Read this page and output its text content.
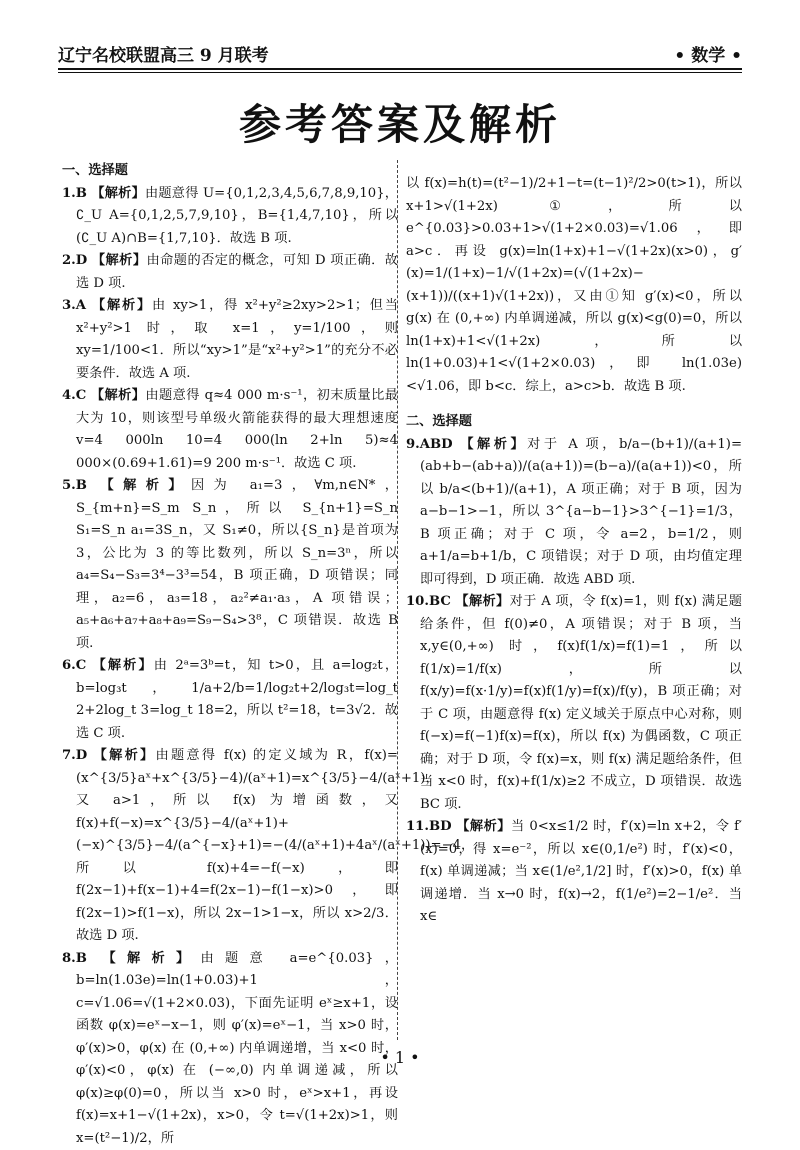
辽宁名校联盟高三 9 月联考	• 数学 •
参考答案及解析

一、选择题

1.B 【解析】由题意得 U={0,1,2,3,4,5,6,7,8,9,10}，∁_U A={0,1,2,5,7,9,10}，B={1,4,7,10}，所以 (∁_U A)∩B={1,7,10}．故选 B 项.

2.D 【解析】由命题的否定的概念，可知 D 项正确．故选 D 项.

3.A 【解析】由 xy>1，得 x²+y²≥2xy>2>1；但当 x²+y²>1 时，取 x=1，y=1/100，则 xy=1/100<1．所以“xy>1”是“x²+y²>1”的充分不必要条件．故选 A 项.

4.C 【解析】由题意得 q≈4 000 m·s⁻¹，初末质量比最大为 10，则该型号单级火箭能获得的最大理想速度 v=4 000ln 10=4 000(ln 2+ln 5)≈4 000×(0.69+1.61)=9 200 m·s⁻¹．故选 C 项.

5.B 【解析】因为 a₁=3，∀m,n∈N*，S_{m+n}=S_m S_n，所以 S_{n+1}=S_n S₁=S_n a₁=3S_n，又 S₁≠0，所以{S_n}是首项为 3，公比为 3 的等比数列，所以 S_n=3ⁿ，所以 a₄=S₄−S₃=3⁴−3³=54，B 项正确，D 项错误；同理，a₂=6，a₃=18，a₂²≠a₁·a₃，A 项错误；a₅+a₆+a₇+a₈+a₉=S₉−S₄>3⁸，C 项错误．故选 B 项.

6.C 【解析】由 2ᵃ=3ᵇ=t，知 t>0，且 a=log₂t，b=log₃t，1/a+2/b=1/log₂t+2/log₃t=log_t 2+2log_t 3=log_t 18=2，所以 t²=18，t=3√2．故选 C 项.

7.D 【解析】由题意得 f(x) 的定义域为 R，f(x)=(x^{3/5}aˣ+x^{3/5}−4)/(aˣ+1)=x^{3/5}−4/(aˣ+1)，又 a>1，所以 f(x) 为增函数，又 f(x)+f(−x)=x^{3/5}−4/(aˣ+1)+(−x)^{3/5}−4/(a^{−x}+1)=−(4/(aˣ+1)+4aˣ/(aˣ+1))=−4，所以 f(x)+4=−f(−x)，即 f(2x−1)+f(x−1)+4=f(2x−1)−f(1−x)>0，即 f(2x−1)>f(1−x)，所以 2x−1>1−x，所以 x>2/3．故选 D 项.

8.B 【解析】由题意 a=e^{0.03}，b=ln(1.03e)=ln(1+0.03)+1，c=√1.06=√(1+2×0.03)，下面先证明 eˣ≥x+1，设函数 φ(x)=eˣ−x−1，则 φ′(x)=eˣ−1，当 x>0 时，φ′(x)>0，φ(x) 在 (0,+∞) 内单调递增，当 x<0 时，φ′(x)<0，φ(x) 在 (−∞,0) 内单调递减，所以 φ(x)≥φ(0)=0，所以当 x>0 时，eˣ>x+1，再设 f(x)=x+1−√(1+2x)，x>0，令 t=√(1+2x)>1，则 x=(t²−1)/2，所

以 f(x)=h(t)=(t²−1)/2+1−t=(t−1)²/2>0(t>1)，所以 x+1>√(1+2x) ①，所以 e^{0.03}>0.03+1>√(1+2×0.03)=√1.06，即 a>c．再设 g(x)=ln(1+x)+1−√(1+2x)(x>0)，g′(x)=1/(1+x)−1/√(1+2x)=(√(1+2x)−(x+1))/((x+1)√(1+2x))，又由①知 g′(x)<0，所以 g(x) 在 (0,+∞) 内单调递减，所以 g(x)<g(0)=0，所以 ln(1+x)+1<√(1+2x)，所以 ln(1+0.03)+1<√(1+2×0.03)，即 ln(1.03e)<√1.06，即 b<c．综上，a>c>b．故选 B 项.

二、选择题

9.ABD 【解析】对于 A 项，b/a−(b+1)/(a+1)=(ab+b−(ab+a))/(a(a+1))=(b−a)/(a(a+1))<0，所以 b/a<(b+1)/(a+1)，A 项正确；对于 B 项，因为 a−b−1>−1，所以 3^{a−b−1}>3^{−1}=1/3，B 项正确；对于 C 项，令 a=2，b=1/2，则 a+1/a=b+1/b，C 项错误；对于 D 项，由均值定理即可得到，D 项正确．故选 ABD 项.

10.BC 【解析】对于 A 项，令 f(x)=1，则 f(x) 满足题给条件，但 f(0)≠0，A 项错误；对于 B 项，当 x,y∈(0,+∞) 时，f(x)f(1/x)=f(1)=1，所以 f(1/x)=1/f(x)，所以 f(x/y)=f(x·1/y)=f(x)f(1/y)=f(x)/f(y)，B 项正确；对于 C 项，由题意得 f(x) 定义域关于原点中心对称，则 f(−x)=f(−1)f(x)=f(x)，所以 f(x) 为偶函数，C 项正确；对于 D 项，令 f(x)=x，则 f(x) 满足题给条件，但当 x<0 时，f(x)+f(1/x)≥2 不成立，D 项错误．故选 BC 项.

11.BD 【解析】当 0<x≤1/2 时，f′(x)=ln x+2，令 f′(x)=0，得 x=e⁻²，所以 x∈(0,1/e²) 时，f′(x)<0，f(x) 单调递减；当 x∈(1/e²,1/2] 时，f′(x)>0，f(x) 单调递增．当 x→0 时，f(x)→2，f(1/e²)=2−1/e²．当 x∈

• 1 •
